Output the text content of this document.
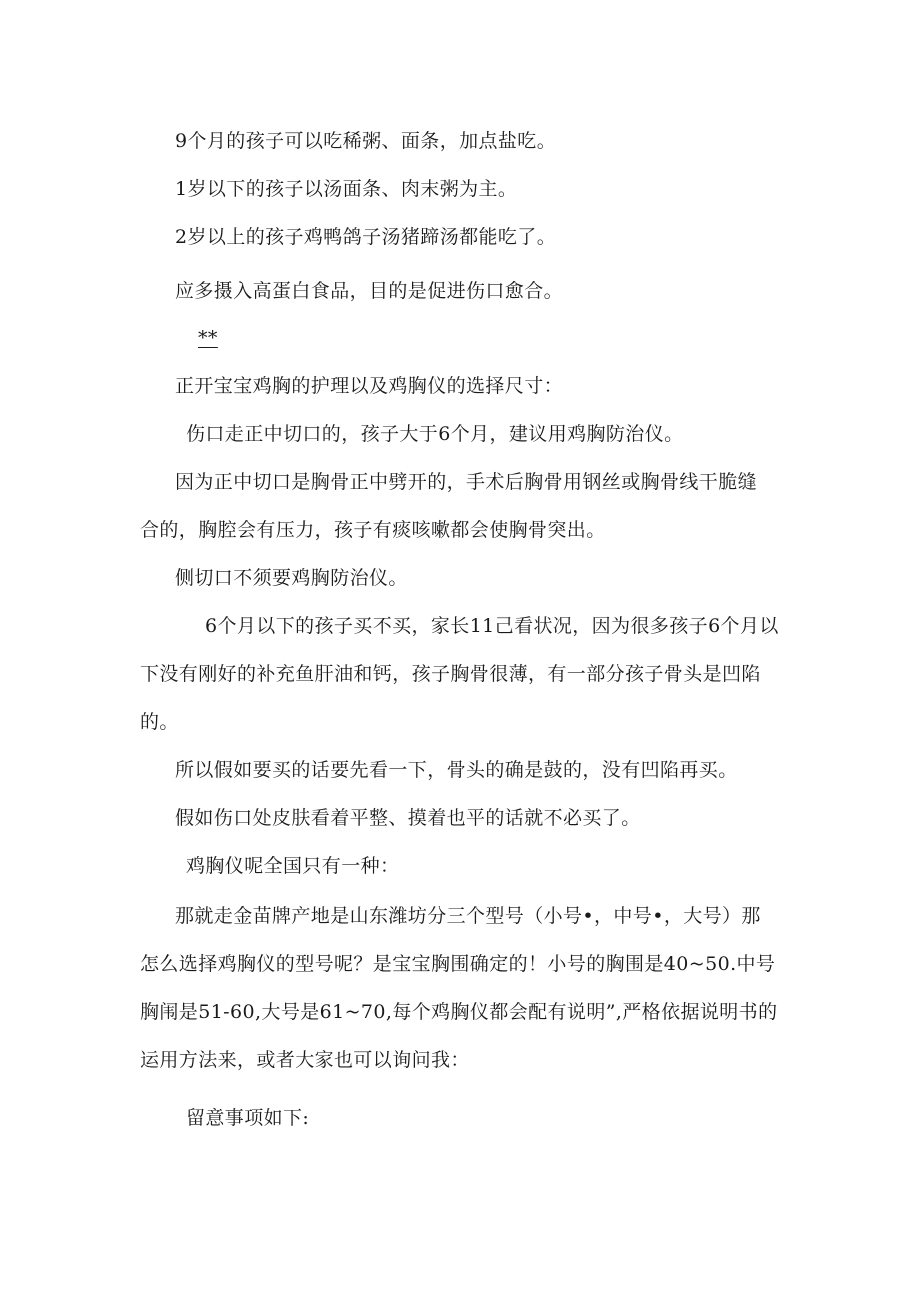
9个月的孩子可以吃稀粥、面条，加点盐吃。

1岁以下的孩子以汤面条、肉末粥为主。

2岁以上的孩子鸡鸭鸽子汤猪蹄汤都能吃了。

应多摄入高蛋白食品，目的是促进伤口愈合。

**

正开宝宝鸡胸的护理以及鸡胸仪的选择尺寸：

伤口走正中切口的，孩子大于6个月，建议用鸡胸防治仪。

因为正中切口是胸骨正中劈开的，手术后胸骨用钢丝或胸骨线干脆缝

合的，胸腔会有压力，孩子有痰咳嗽都会使胸骨突出。

侧切口不须要鸡胸防治仪。

6个月以下的孩子买不买，家长11己看状况，因为很多孩子6个月以

下没有刚好的补充鱼肝油和钙，孩子胸骨很薄，有一部分孩子骨头是凹陷

的。

所以假如要买的话要先看一下，骨头的确是鼓的，没有凹陷再买。

假如伤口处皮肤看着平整、摸着也平的话就不必买了。

鸡胸仪呢全国只有一种：

那就走金苗牌产地是山东潍坊分三个型号（小号•，中号•，大号）那

怎么选择鸡胸仪的型号呢？是宝宝胸围确定的！小号的胸围是40~50.中号

胸闱是51-60,大号是61~70,每个鸡胸仪都会配有说明”,严格依据说明书的

运用方法来，或者大家也可以询问我：

留意事项如下:
